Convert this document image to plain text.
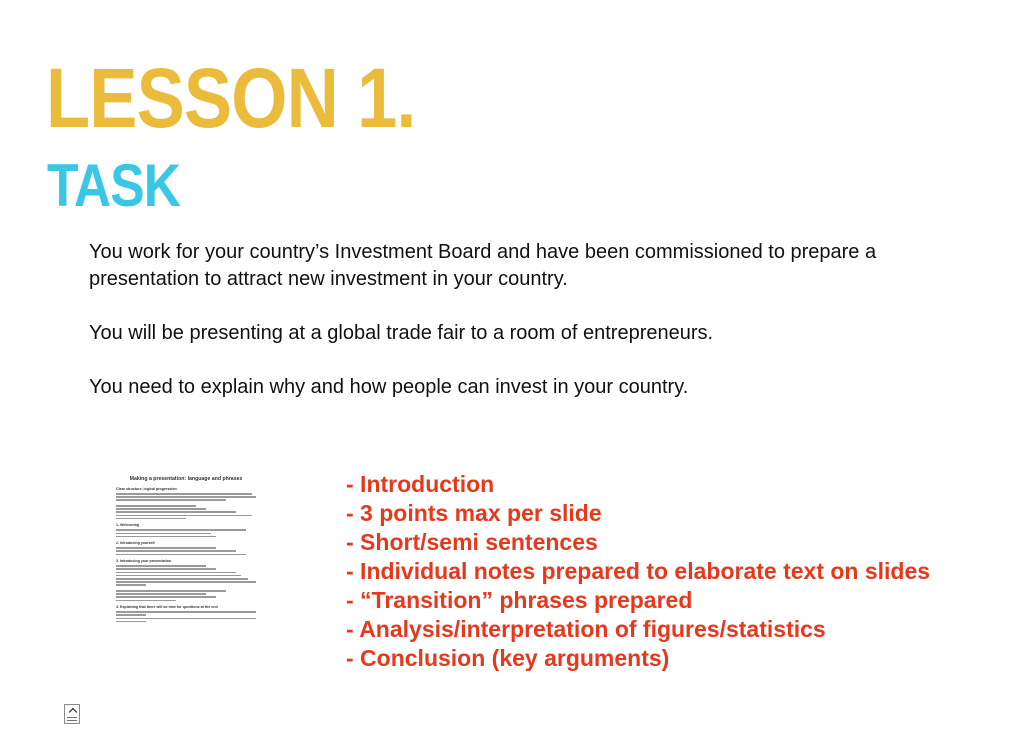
LESSON 1.
TASK

You work for your country’s Investment Board and have been commissioned to prepare a presentation to attract new investment in your country.

You will be presenting at a global trade fair to a room of entrepreneurs.

You need to explain why and how people can invest in your country.

Making a presentation: language and phrases
Clear structure, logical progression
1. Welcoming
2. Introducing yourself
3. Introducing your presentation
4. Explaining that there will be time for questions at the end
- Introduction
- 3 points max per slide
- Short/semi sentences
- Individual notes prepared to elaborate text on slides
- “Transition” phrases prepared
- Analysis/interpretation of figures/statistics
- Conclusion (key arguments)
